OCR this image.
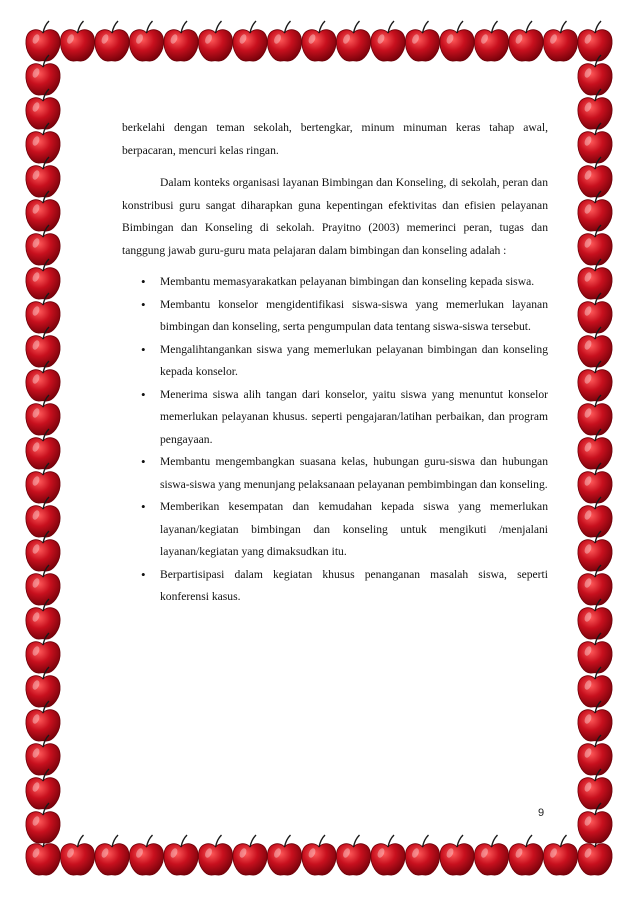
berkelahi dengan teman sekolah, bertengkar, minum minuman keras tahap awal, berpacaran, mencuri kelas ringan.

Dalam konteks organisasi layanan Bimbingan dan Konseling, di sekolah, peran dan konstribusi guru sangat diharapkan guna kepentingan efektivitas dan efisien pelayanan Bimbingan dan Konseling di sekolah. Prayitno (2003) memerinci peran, tugas dan tanggung jawab guru-guru mata pelajaran dalam bimbingan dan konseling adalah :

• Membantu memasyarakatkan pelayanan bimbingan dan konseling kepada siswa.
• Membantu konselor mengidentifikasi siswa-siswa yang memerlukan layanan bimbingan dan konseling, serta pengumpulan data tentang siswa-siswa tersebut.
• Mengalihtangankan siswa yang memerlukan pelayanan bimbingan dan konseling kepada konselor.
• Menerima siswa alih tangan dari konselor, yaitu siswa yang menuntut konselor memerlukan pelayanan khusus. seperti pengajaran/latihan perbaikan, dan program pengayaan.
• Membantu mengembangkan suasana kelas, hubungan guru-siswa dan hubungan siswa-siswa yang menunjang pelaksanaan pelayanan pembimbingan dan konseling.
• Memberikan kesempatan dan kemudahan kepada siswa yang memerlukan layanan/kegiatan bimbingan dan konseling untuk mengikuti /menjalani layanan/kegiatan yang dimaksudkan itu.
• Berpartisipasi dalam kegiatan khusus penanganan masalah siswa, seperti konferensi kasus.
9
